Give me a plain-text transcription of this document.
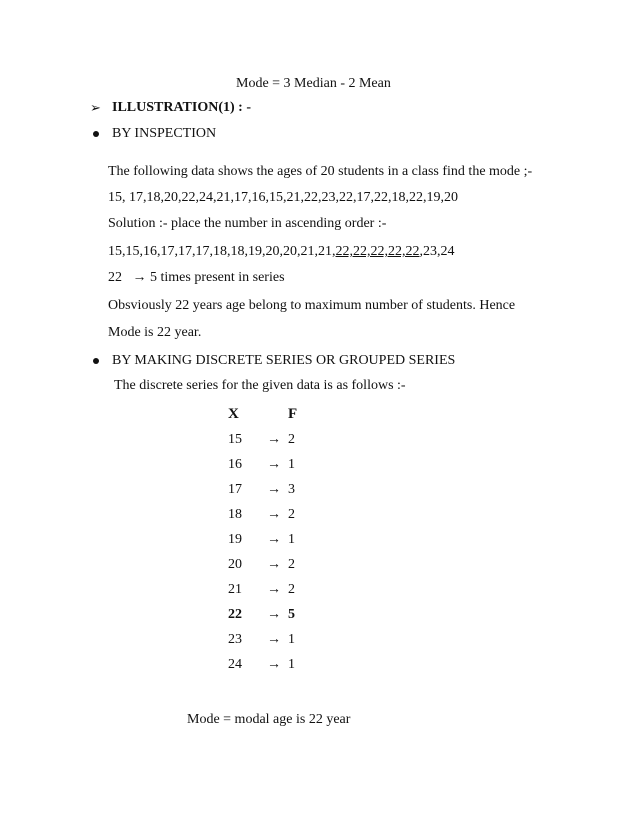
Mode = 3 Median - 2 Mean
➢ ILLUSTRATION(1) : -
BY INSPECTION
The following data shows the ages of 20 students in a class find the mode ;-
15, 17,18,20,22,24,21,17,16,15,21,22,23,22,17,22,18,22,19,20
Solution :- place the number in ascending order :-
15,15,16,17,17,17,18,18,19,20,20,21,21,22,22,22,22,22,23,24
22 → 5 times present in series
Obsviously 22 years age belong to maximum number of students. Hence
Mode is 22 year.
BY MAKING DISCRETE SERIES OR GROUPED SERIES
The discrete series for the given data is as follows :-
X		F
15	→	2
16	→	1
17	→	3
18	→	2
19	→	1
20	→	2
21	→	2
22	→	5
23	→	1
24	→	1
Mode = modal age is 22 year
